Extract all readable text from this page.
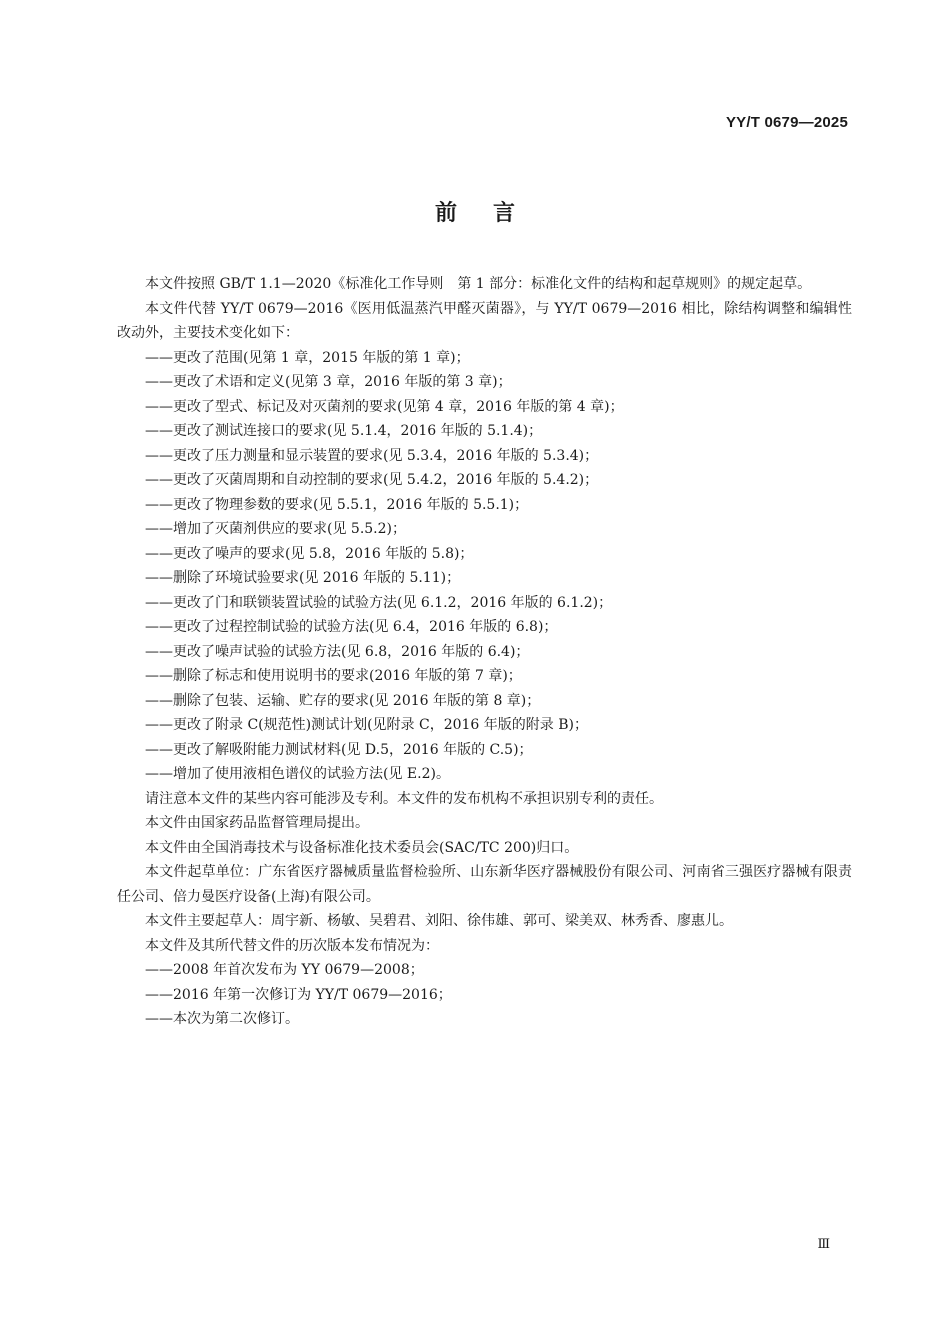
YY/T 0679—2025
前言

本文件按照 GB/T 1.1—2020《标准化工作导则　第 1 部分：标准化文件的结构和起草规则》的规定起草。

本文件代替 YY/T 0679—2016《医用低温蒸汽甲醛灭菌器》，与 YY/T 0679—2016 相比，除结构调整和编辑性改动外，主要技术变化如下：

——更改了范围(见第 1 章，2015 年版的第 1 章)；

——更改了术语和定义(见第 3 章，2016 年版的第 3 章)；

——更改了型式、标记及对灭菌剂的要求(见第 4 章，2016 年版的第 4 章)；

——更改了测试连接口的要求(见 5.1.4，2016 年版的 5.1.4)；

——更改了压力测量和显示装置的要求(见 5.3.4，2016 年版的 5.3.4)；

——更改了灭菌周期和自动控制的要求(见 5.4.2，2016 年版的 5.4.2)；

——更改了物理参数的要求(见 5.5.1，2016 年版的 5.5.1)；

——增加了灭菌剂供应的要求(见 5.5.2)；

——更改了噪声的要求(见 5.8，2016 年版的 5.8)；

——删除了环境试验要求(见 2016 年版的 5.11)；

——更改了门和联锁装置试验的试验方法(见 6.1.2，2016 年版的 6.1.2)；

——更改了过程控制试验的试验方法(见 6.4，2016 年版的 6.8)；

——更改了噪声试验的试验方法(见 6.8，2016 年版的 6.4)；

——删除了标志和使用说明书的要求(2016 年版的第 7 章)；

——删除了包装、运输、贮存的要求(见 2016 年版的第 8 章)；

——更改了附录 C(规范性)测试计划(见附录 C，2016 年版的附录 B)；

——更改了解吸附能力测试材料(见 D.5，2016 年版的 C.5)；

——增加了使用液相色谱仪的试验方法(见 E.2)。

请注意本文件的某些内容可能涉及专利。本文件的发布机构不承担识别专利的责任。

本文件由国家药品监督管理局提出。

本文件由全国消毒技术与设备标准化技术委员会(SAC/TC 200)归口。

本文件起草单位：广东省医疗器械质量监督检验所、山东新华医疗器械股份有限公司、河南省三强医疗器械有限责任公司、倍力曼医疗设备(上海)有限公司。

本文件主要起草人：周宇新、杨敏、吴碧君、刘阳、徐伟雄、郭可、梁美双、林秀香、廖惠儿。

本文件及其所代替文件的历次版本发布情况为：

——2008 年首次发布为 YY 0679—2008；

——2016 年第一次修订为 YY/T 0679—2016；

——本次为第二次修订。

Ⅲ
